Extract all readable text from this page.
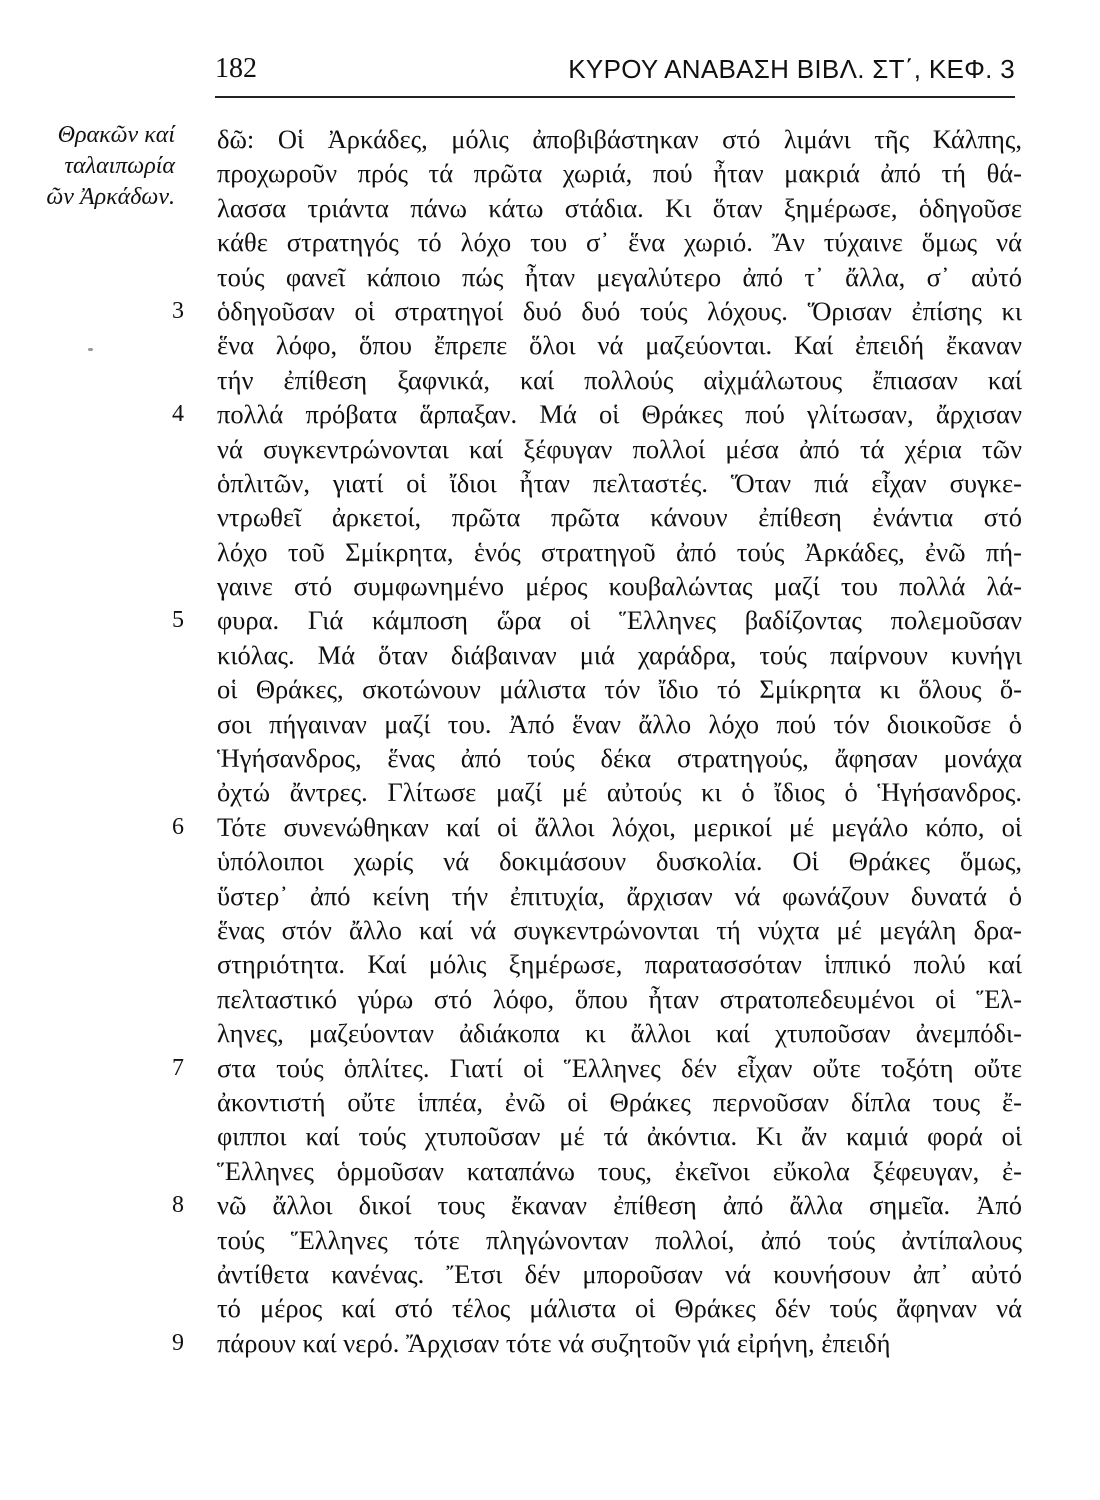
182	ΚΥΡΟΥ ΑΝΑΒΑΣΗ ΒΙΒΛ. ΣΤ΄, ΚΕΦ. 3
Θρακῶν καί
ταλαιπωρία
ῶν Ἀρκάδων.
δῶ: Οἱ Ἀρκάδες, μόλις ἀποβιβάστηκαν στό λιμάνι τῆς Κάλπης,
προχωροῦν πρός τά πρῶτα χωριά, πού ἦταν μακριά ἀπό τή θά-
λασσα τριάντα πάνω κάτω στάδια. Κι ὅταν ξημέρωσε, ὁδηγοῦσε
κάθε στρατηγός τό λόχο του σ᾽ ἕνα χωριό. Ἄν τύχαινε ὅμως νά
τούς φανεῖ κάποιο πώς ἦταν μεγαλύτερο ἀπό τ᾽ ἄλλα, σ᾽ αὐτό
3	ὁδηγοῦσαν οἱ στρατηγοί δυό δυό τούς λόχους. Ὅρισαν ἐπίσης κι
ἕνα λόφο, ὅπου ἔπρεπε ὅλοι νά μαζεύονται. Καί ἐπειδή ἔκαναν
τήν ἐπίθεση ξαφνικά, καί πολλούς αἰχμάλωτους ἔπιασαν καί
4	πολλά πρόβατα ἅρπαξαν. Μά οἱ Θράκες πού γλίτωσαν, ἄρχισαν
νά συγκεντρώνονται καί ξέφυγαν πολλοί μέσα ἀπό τά χέρια τῶν
ὁπλιτῶν, γιατί οἱ ἴδιοι ἦταν πελταστές. Ὅταν πιά εἶχαν συγκε-
ντρωθεῖ ἀρκετοί, πρῶτα πρῶτα κάνουν ἐπίθεση ἐνάντια στό
λόχο τοῦ Σμίκρητα, ἑνός στρατηγοῦ ἀπό τούς Ἀρκάδες, ἐνῶ πή-
γαινε στό συμφωνημένο μέρος κουβαλώντας μαζί του πολλά λά-
5	φυρα. Γιά κάμποση ὥρα οἱ Ἕλληνες βαδίζοντας πολεμοῦσαν
κιόλας. Μά ὅταν διάβαιναν μιά χαράδρα, τούς παίρνουν κυνήγι
οἱ Θράκες, σκοτώνουν μάλιστα τόν ἴδιο τό Σμίκρητα κι ὅλους ὅ-
σοι πήγαιναν μαζί του. Ἀπό ἕναν ἄλλο λόχο πού τόν διοικοῦσε ὁ
Ἡγήσανδρος, ἕνας ἀπό τούς δέκα στρατηγούς, ἄφησαν μονάχα
ὀχτώ ἄντρες. Γλίτωσε μαζί μέ αὐτούς κι ὁ ἴδιος ὁ Ἡγήσανδρος.
6	Τότε συνενώθηκαν καί οἱ ἄλλοι λόχοι, μερικοί μέ μεγάλο κόπο, οἱ
ὑπόλοιποι χωρίς νά δοκιμάσουν δυσκολία. Οἱ Θράκες ὅμως,
ὕστερ᾽ ἀπό κείνη τήν ἐπιτυχία, ἄρχισαν νά φωνάζουν δυνατά ὁ
ἕνας στόν ἄλλο καί νά συγκεντρώνονται τή νύχτα μέ μεγάλη δρα-
στηριότητα. Καί μόλις ξημέρωσε, παρατασσόταν ἱππικό πολύ καί
πελταστικό γύρω στό λόφο, ὅπου ἦταν στρατοπεδευμένοι οἱ Ἕλ-
ληνες, μαζεύονταν ἀδιάκοπα κι ἄλλοι καί χτυποῦσαν ἀνεμπόδι-
7	στα τούς ὁπλίτες. Γιατί οἱ Ἕλληνες δέν εἶχαν οὔτε τοξότη οὔτε
ἀκοντιστή οὔτε ἱππέα, ἐνῶ οἱ Θράκες περνοῦσαν δίπλα τους ἔ-
φιπποι καί τούς χτυποῦσαν μέ τά ἀκόντια. Κι ἄν καμιά φορά οἱ
Ἕλληνες ὁρμοῦσαν καταπάνω τους, ἐκεῖνοι εὔκολα ξέφευγαν, ἐ-
8	νῶ ἄλλοι δικοί τους ἔκαναν ἐπίθεση ἀπό ἄλλα σημεῖα. Ἀπό
τούς Ἕλληνες τότε πληγώνονταν πολλοί, ἀπό τούς ἀντίπαλους
ἀντίθετα κανένας. Ἔτσι δέν μποροῦσαν νά κουνήσουν ἀπ᾽ αὐτό
τό μέρος καί στό τέλος μάλιστα οἱ Θράκες δέν τούς ἄφηναν νά
9	πάρουν καί νερό. Ἄρχισαν τότε νά συζητοῦν γιά εἰρήνη, ἐπειδή
